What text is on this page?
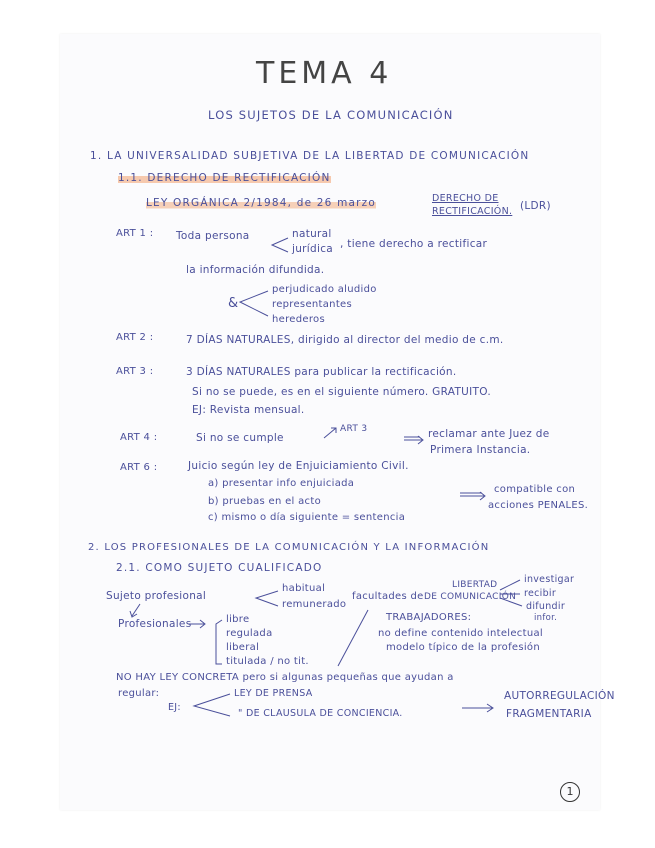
TEMA 4
LOS SUJETOS DE LA COMUNICACIÓN
1. LA UNIVERSALIDAD SUBJETIVA DE LA LIBERTAD DE COMUNICACIÓN
1.1. DERECHO DE RECTIFICACIÓN
LEY ORGÁNICA 2/1984, de 26 marzo	DERECHO DE
RECTIFICACIÓN. (LDR)
ART 1 : Toda persona	natural
jurídica , tiene derecho a rectificar
la información difundida.
&
perjudicado aludido
representantes
herederos
ART 2 :	7 DÍAS NATURALES, dirigido al director del medio de c.m.
ART 3 :	3 DÍAS NATURALES para publicar la rectificación.
Si no se puede, es en el siguiente número. GRATUITO.
EJ: Revista mensual.
ART 4 :	Si no se cumple
ART 3	reclamar ante Juez de
Primera Instancia.
ART 6 :	Juicio según ley de Enjuiciamiento Civil.
a) presentar info enjuiciada
b) pruebas en el acto
c) mismo o día siguiente = sentencia
compatible con
acciones PENALES.
2. LOS PROFESIONALES DE LA COMUNICACIÓN Y LA INFORMACIÓN
2.1. COMO SUJETO CUALIFICADO
Sujeto profesional
habitual
remunerado
facultades de
LIBERTAD
DE COMUNICACIÓN
investigar
recibir
difundir
infor.
Profesionales	libre
regulada
liberal
titulada / no tit.
TRABAJADORES:
no define contenido intelectual
modelo típico de la profesión
NO HAY LEY CONCRETA pero si algunas pequeñas que ayudan a
regular:
EJ:
LEY DE PRENSA
" DE CLAUSULA DE CONCIENCIA.
AUTORREGULACIÓN
FRAGMENTARIA
1
